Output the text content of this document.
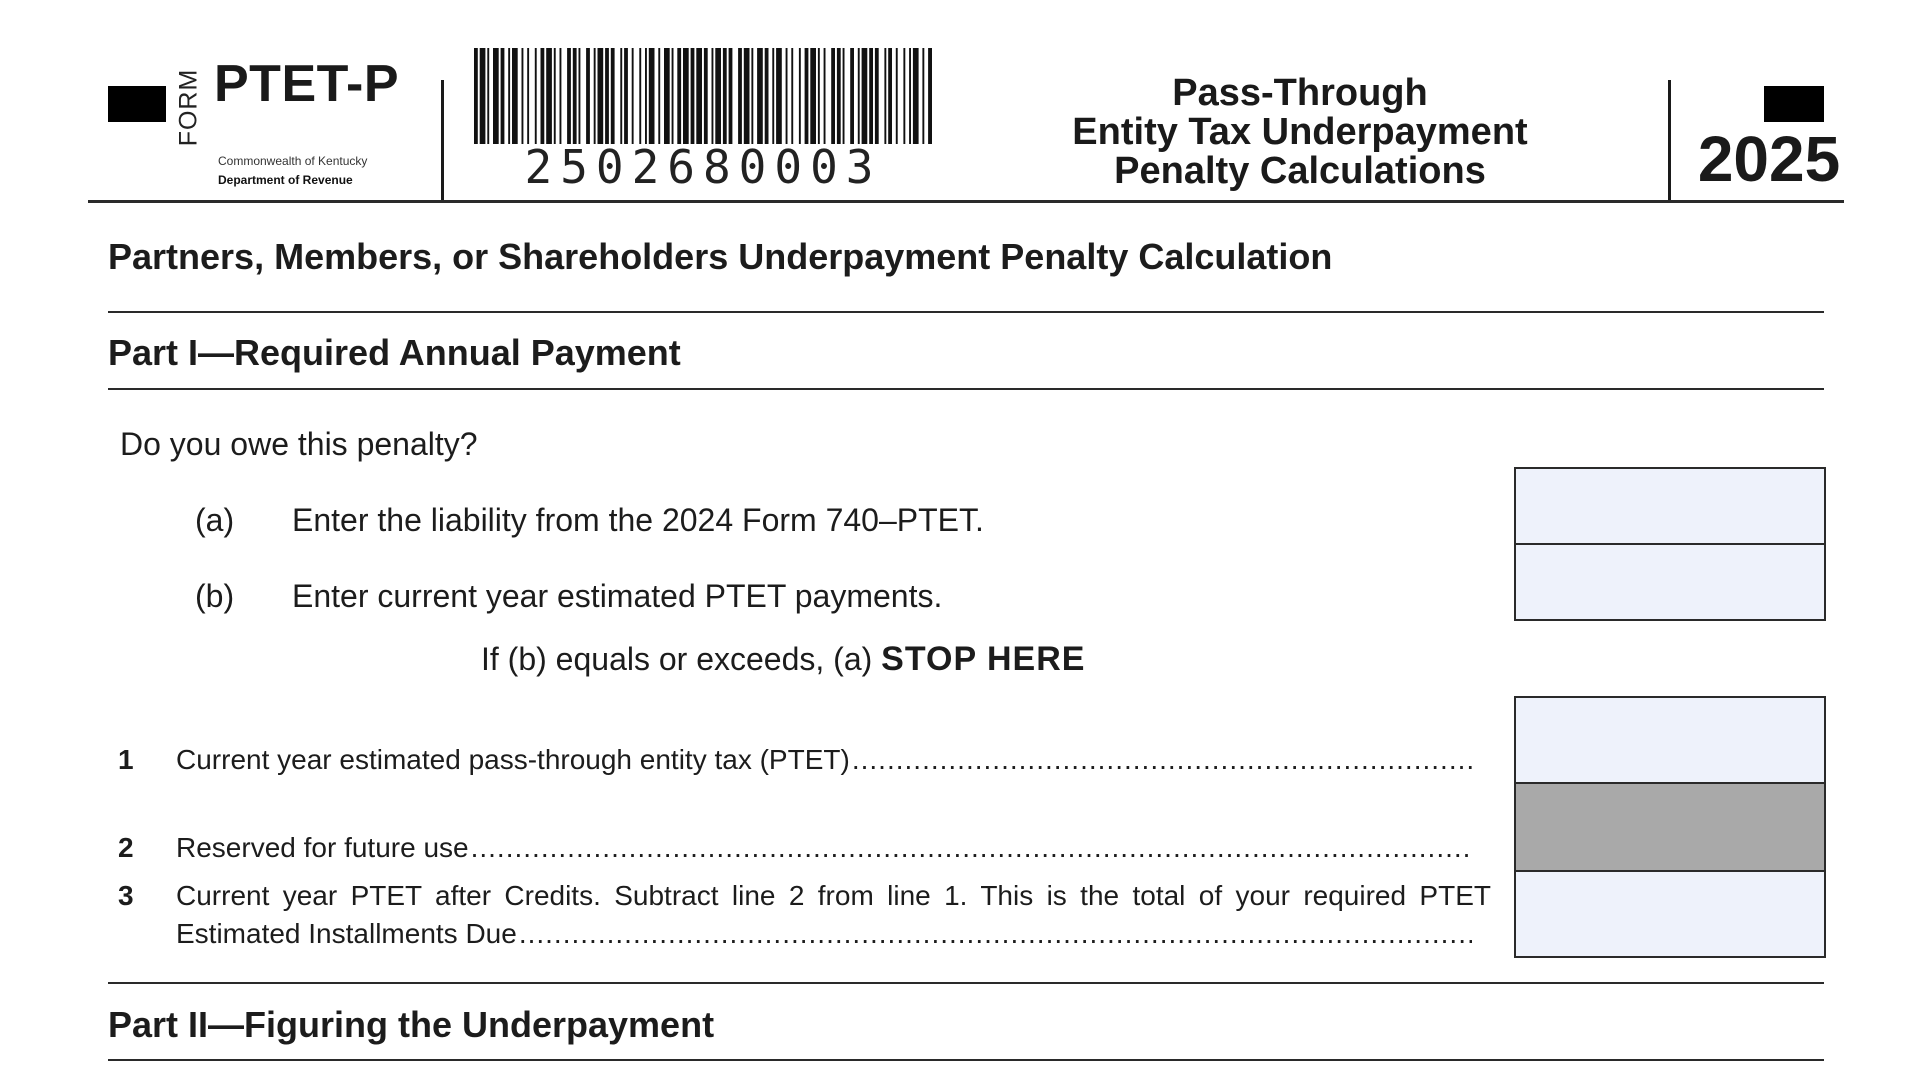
FORM PTET-P
Commonwealth of Kentucky
Department of Revenue	2502680003
Pass-Through
Entity Tax Underpayment
Penalty Calculations	2025
Partners, Members, or Shareholders Underpayment Penalty Calculation
Part I—Required Annual Payment
Do you owe this penalty?
(a) Enter the liability from the 2024 Form 740–PTET.
(b) Enter current year estimated PTET payments.
If (b) equals or exceeds, (a) STOP HERE
1 Current year estimated pass-through entity tax (PTET)
.....
2 Reserved for future use
.....
3 Current year PTET after Credits. Subtract line 2 from line 1. This is the total of your required PTET
Estimated Installments Due
.....
Part II—Figuring the Underpayment
